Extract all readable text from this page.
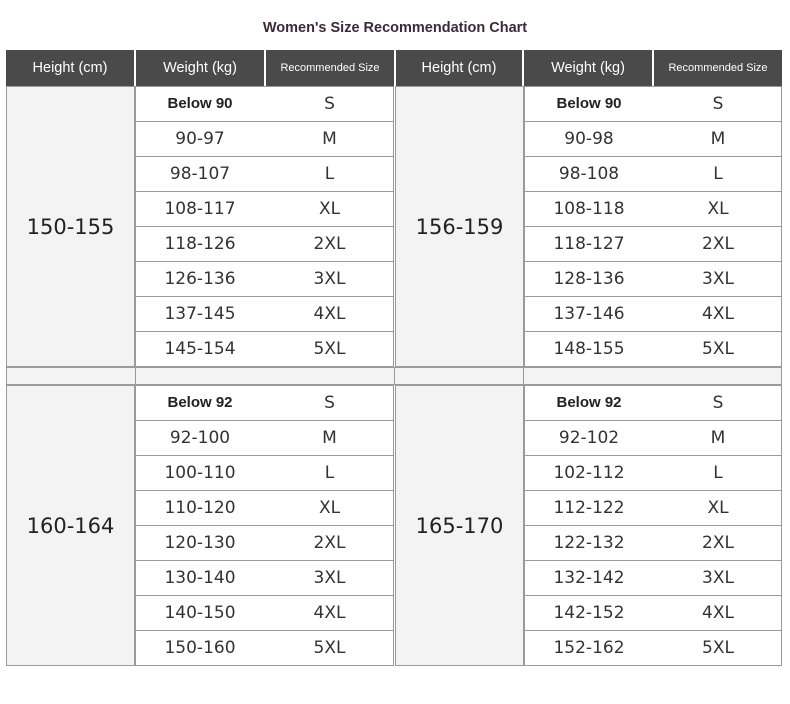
Women's Size Recommendation Chart
Height (cm)	Weight (kg)	Recommended Size	Height (cm)	Weight (kg)	Recommended Size
150-155
Below 90	S
90-97	M
98-107	L
108-117	XL
118-126	2XL
126-136	3XL
137-145	4XL
145-154	5XL
156-159
Below 90	S
90-98	M
98-108	L
108-118	XL
118-127	2XL
128-136	3XL
137-146	4XL
148-155	5XL
160-164
Below 92	S
92-100	M
100-110	L
110-120	XL
120-130	2XL
130-140	3XL
140-150	4XL
150-160	5XL
165-170
Below 92	S
92-102	M
102-112	L
112-122	XL
122-132	2XL
132-142	3XL
142-152	4XL
152-162	5XL
